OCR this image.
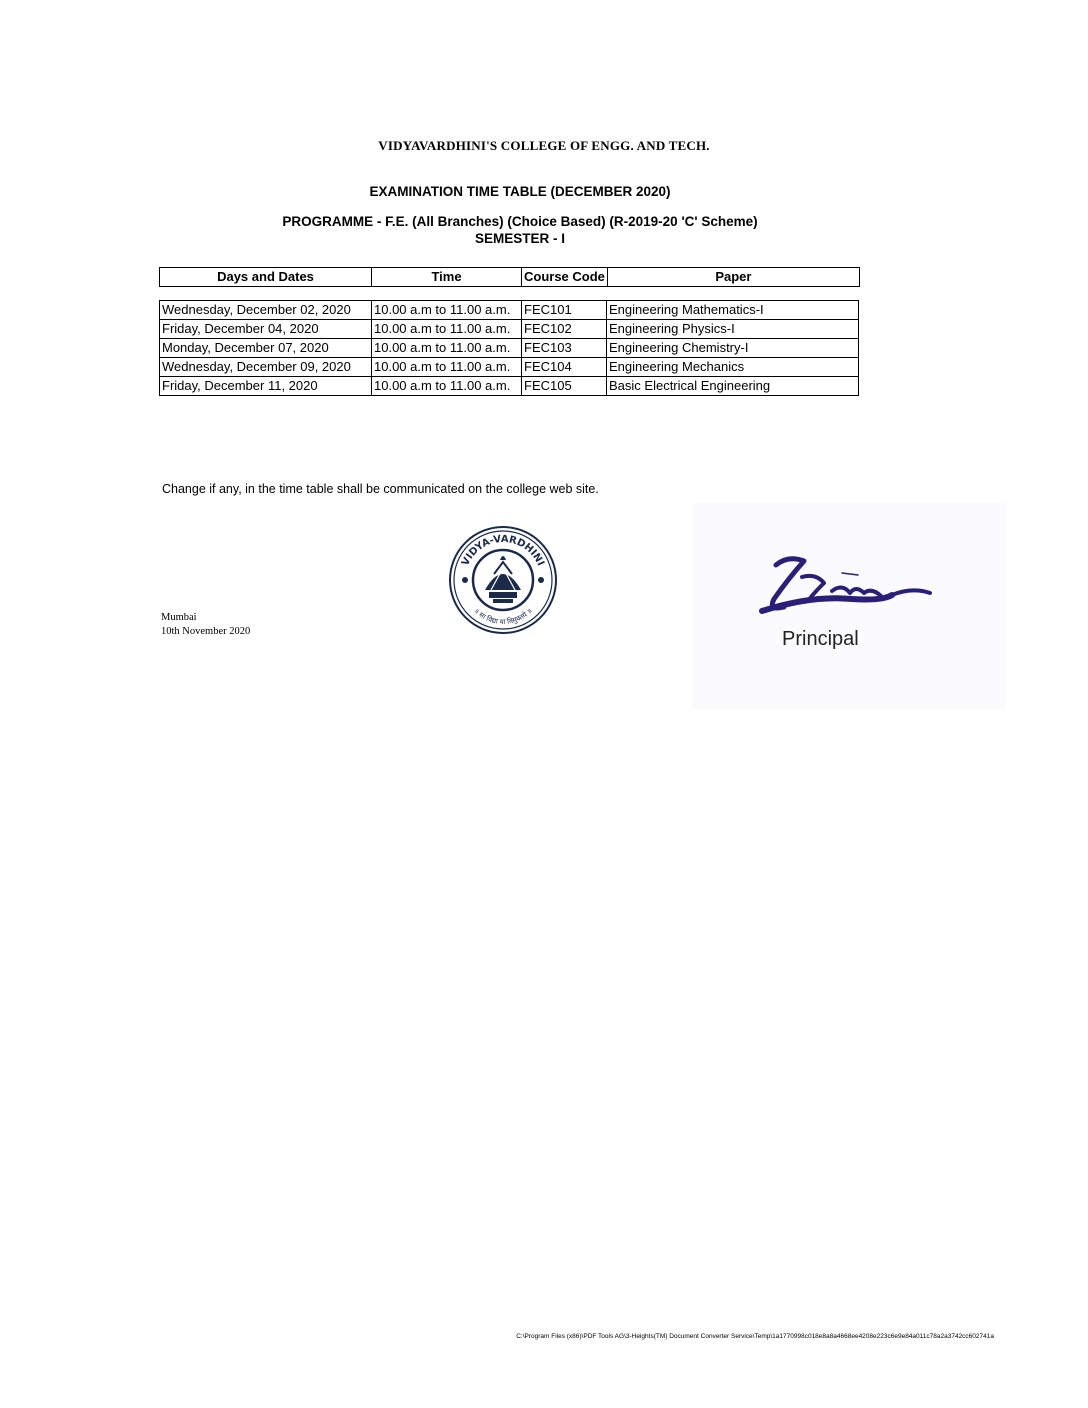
VIDYAVARDHINI'S COLLEGE OF ENGG. AND TECH.
EXAMINATION TIME TABLE (DECEMBER 2020)
PROGRAMME - F.E. (All Branches) (Choice Based) (R-2019-20 'C' Scheme)
SEMESTER - I
Days and Dates	Time	Course Code	Paper
Wednesday, December 02, 2020	10.00 a.m to 11.00 a.m.	FEC101	Engineering Mathematics-I
Friday, December 04, 2020	10.00 a.m to 11.00 a.m.	FEC102	Engineering Physics-I
Monday, December 07, 2020	10.00 a.m to 11.00 a.m.	FEC103	Engineering Chemistry-I
Wednesday, December 09, 2020	10.00 a.m to 11.00 a.m.	FEC104	Engineering Mechanics
Friday, December 11, 2020	10.00 a.m to 11.00 a.m.	FEC105	Basic Electrical Engineering
Change if any, in the time table shall be communicated on the college web site.
VIDYA-VARDHINI
॥ सा विद्या या विमुक्तये ॥
Mumbai
10th November 2020	Principal
C:\Program Files (x86)\PDF Tools AG\3-Heights(TM) Document Converter Service\Temp\1a1770998c018e8a8a4668ee4208e223c6e9e84a011c78a2a3742cc602741a
